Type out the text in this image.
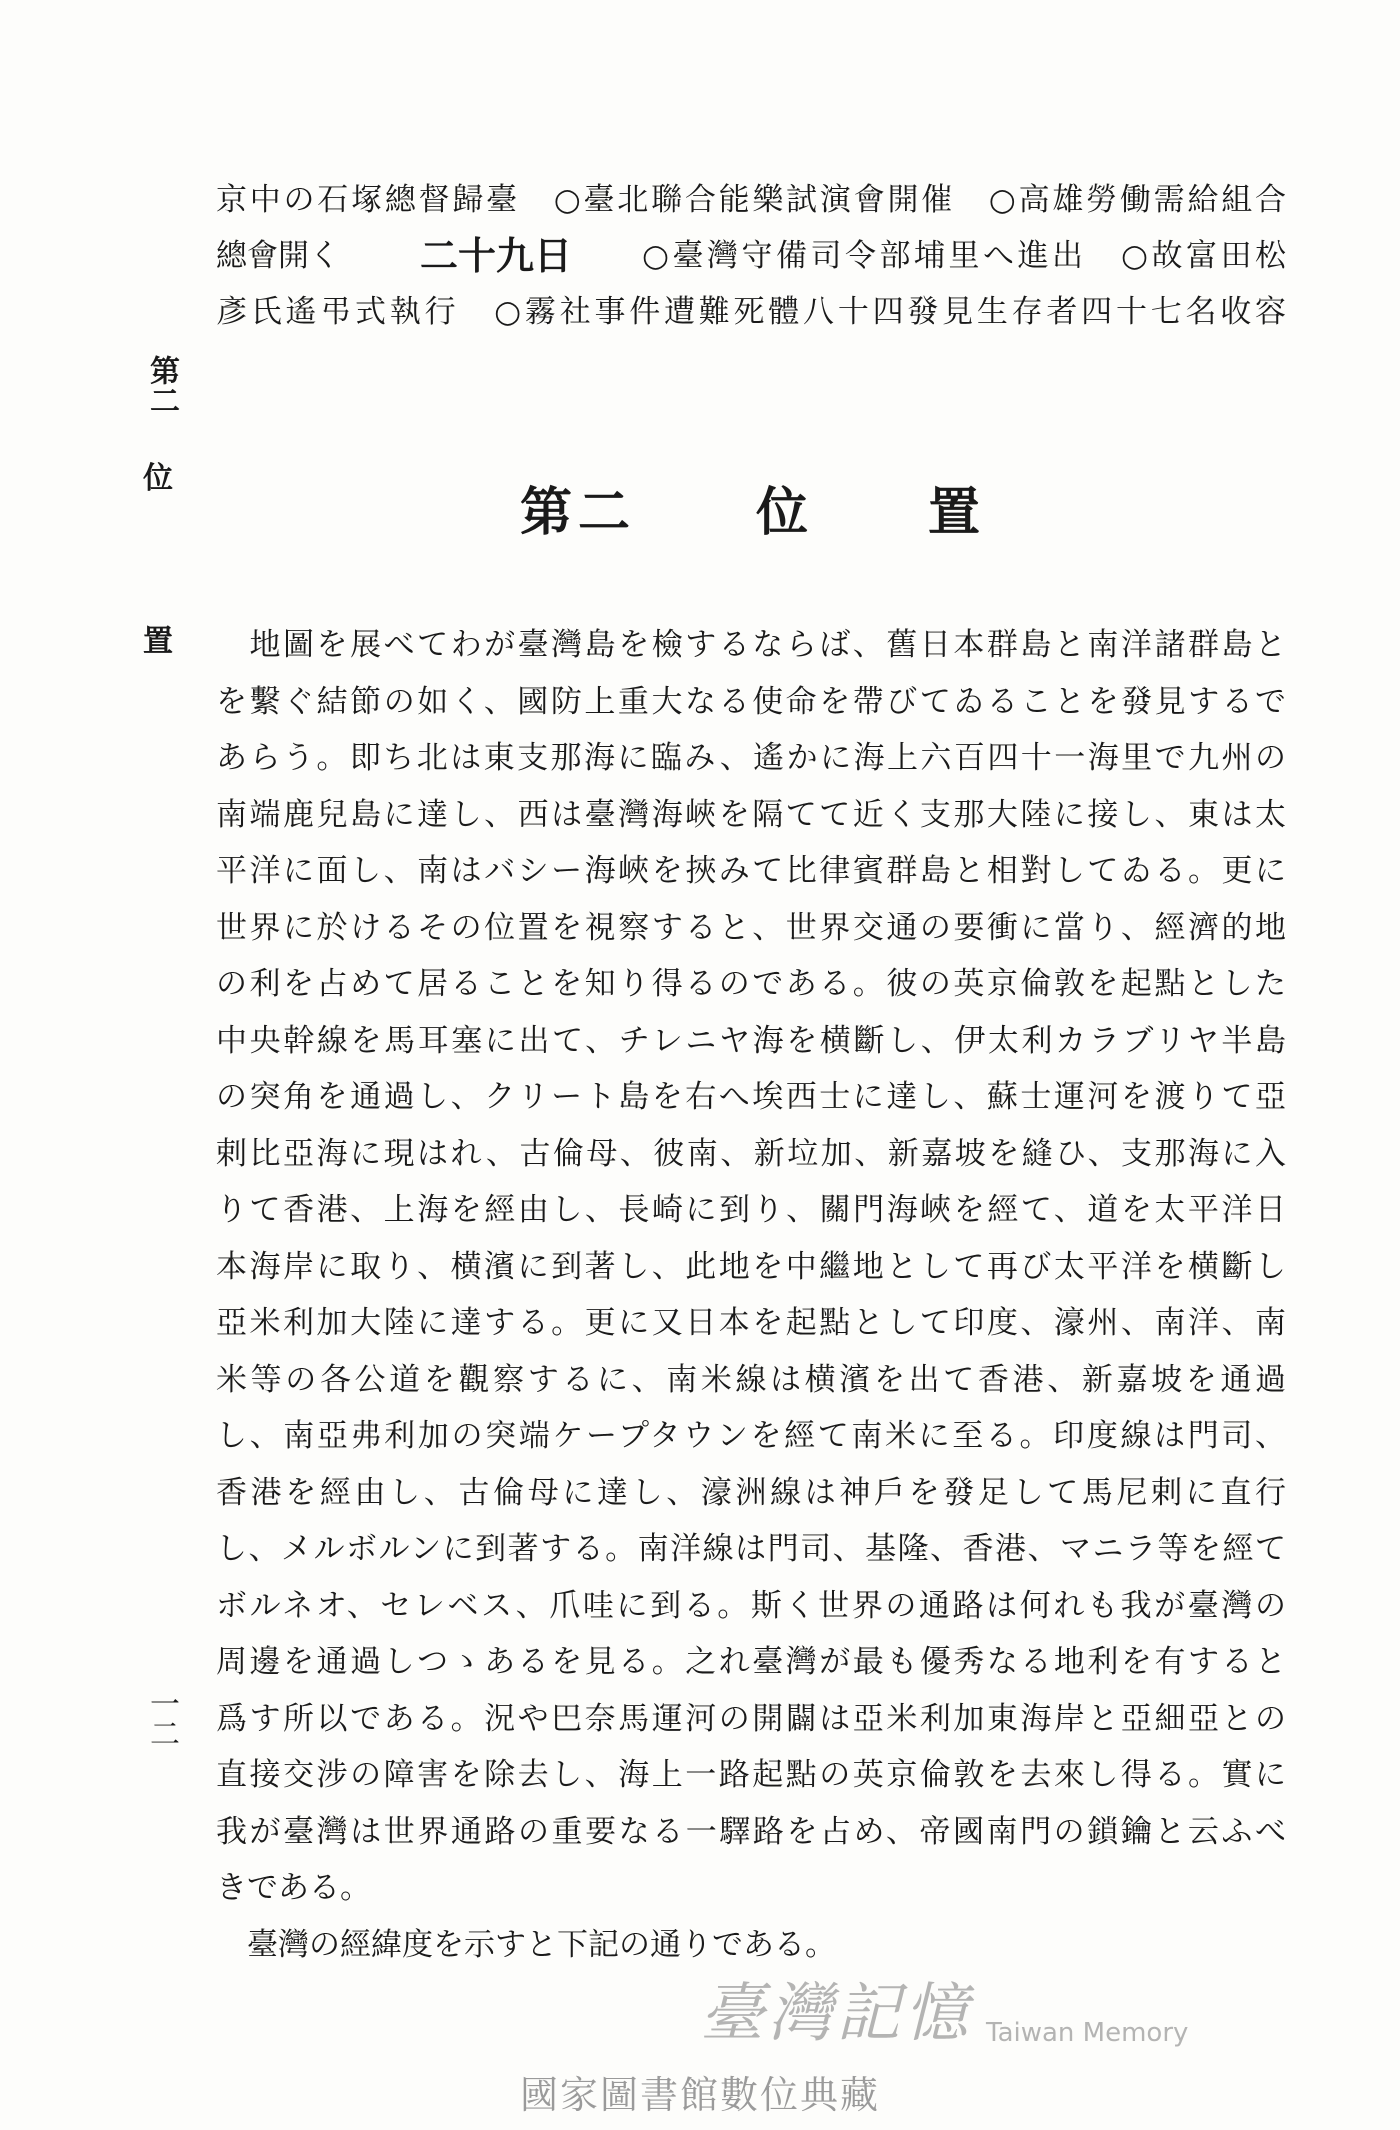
京中の石塚總督歸臺　○臺北聯合能樂試演會開催　○高雄勞働需給組合
總會開く 二十九日 ○臺灣守備司令部埔里へ進出　○故富田松
彥氏遙弔式執行　○霧社事件遭難死體八十四發見生存者四十七名收容
第二
位
置
一二
第二 位 置
　地圖を展べてわが臺灣島を檢するならば、舊日本群島と南洋諸群島と
を繫ぐ結節の如く、國防上重大なる使命を帶びてゐることを發見するで
あらう。即ち北は東支那海に臨み、遙かに海上六百四十一海里で九州の
南端鹿兒島に達し、西は臺灣海峽を隔てて近く支那大陸に接し、東は太
平洋に面し、南はバシー海峽を挾みて比律賓群島と相對してゐる。更に
世界に於けるその位置を視察すると、世界交通の要衝に當り、經濟的地
の利を占めて居ることを知り得るのである。彼の英京倫敦を起點とした
中央幹線を馬耳塞に出て、チレニヤ海を横斷し、伊太利カラブリヤ半島
の突角を通過し、クリート島を右へ埃西士に達し、蘇士運河を渡りて亞
剌比亞海に現はれ、古倫母、彼南、新垃加、新嘉坡を縫ひ、支那海に入
りて香港、上海を經由し、長崎に到り、關門海峽を經て、道を太平洋日
本海岸に取り、横濱に到著し、此地を中繼地として再び太平洋を横斷し
亞米利加大陸に達する。更に又日本を起點として印度、濠州、南洋、南
米等の各公道を觀察するに、南米線は横濱を出て香港、新嘉坡を通過
し、南亞弗利加の突端ケープタウンを經て南米に至る。印度線は門司、
香港を經由し、古倫母に達し、濠洲線は神戶を發足して馬尼剌に直行
し、メルボルンに到著する。南洋線は門司、基隆、香港、マニラ等を經て
ボルネオ、セレベス、爪哇に到る。斯く世界の通路は何れも我が臺灣の
周邊を通過しつゝあるを見る。之れ臺灣が最も優秀なる地利を有すると
爲す所以である。況や巴奈馬運河の開闢は亞米利加東海岸と亞細亞との
直接交涉の障害を除去し、海上一路起點の英京倫敦を去來し得る。實に
我が臺灣は世界通路の重要なる一驛路を占め、帝國南門の鎖鑰と云ふべ
きである。
　臺灣の經緯度を示すと下記の通りである。
臺灣記憶 Taiwan Memory
國家圖書館數位典藏
